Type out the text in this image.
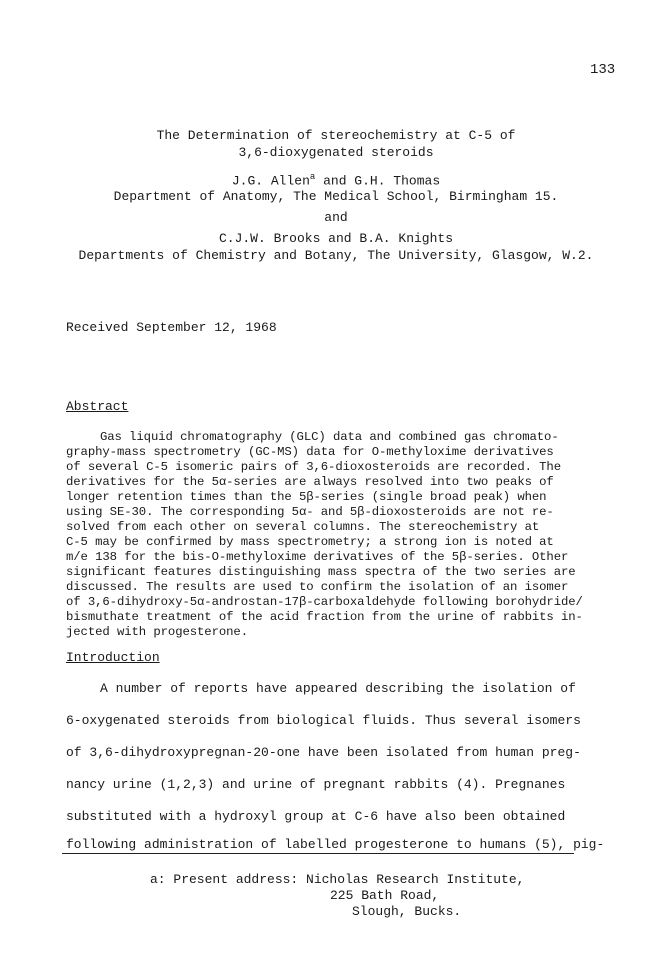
133
The Determination of stereochemistry at C-5 of
3,6-dioxygenated steroids
J.G. Allen$^a$ and G.H. Thomas
Department of Anatomy, The Medical School, Birmingham 15.
and
C.J.W. Brooks and B.A. Knights
Departments of Chemistry and Botany, The University, Glasgow, W.2.
Received September 12, 1968
Abstract
Gas liquid chromatography (GLC) data and combined gas chromato-
graphy-mass spectrometry (GC-MS) data for O-methyloxime derivatives
of several C-5 isomeric pairs of 3,6-dioxosteroids are recorded. The
derivatives for the 5α-series are always resolved into two peaks of
longer retention times than the 5β-series (single broad peak) when
using SE-30. The corresponding 5α- and 5β-dioxosteroids are not re-
solved from each other on several columns. The stereochemistry at
C-5 may be confirmed by mass spectrometry; a strong ion is noted at
m/e 138 for the bis-O-methyloxime derivatives of the 5β-series. Other
significant features distinguishing mass spectra of the two series are
discussed. The results are used to confirm the isolation of an isomer
of 3,6-dihydroxy-5α-androstan-17β-carboxaldehyde following borohydride/
bismuthate treatment of the acid fraction from the urine of rabbits in-
jected with progesterone.
Introduction
A number of reports have appeared describing the isolation of
6-oxygenated steroids from biological fluids. Thus several isomers
of 3,6-dihydroxypregnan-20-one have been isolated from human preg-
nancy urine (1,2,3) and urine of pregnant rabbits (4). Pregnanes
substituted with a hydroxyl group at C-6 have also been obtained
following administration of labelled progesterone to humans (5), pig-
a: Present address: Nicholas Research Institute,
225 Bath Road,
Slough, Bucks.
